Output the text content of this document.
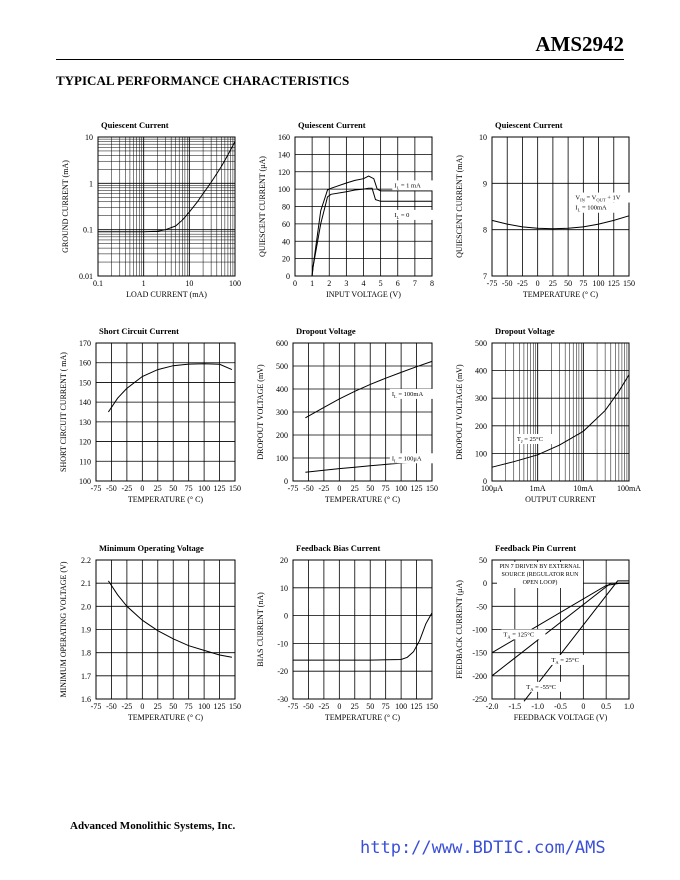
AMS2942
TYPICAL PERFORMANCE CHARACTERISTICS
Quiescent Current
0.1	1	10	100
0.01
0.1
1
10
LOAD CURRENT (mA)
GROUND CURRENT (mA)
Quiescent Current
0 1 2 3 4 5 6 7 8
0
20
40
60
80
100
120
140
160
INPUT VOLTAGE (V)
QUIESCENT CURRENT (μA)	$I_L = 1$ mA
$I_L = 0$
Quiescent Current
-75 -50 -25 0 25 50 75 100 125 150
7
8
9
10
TEMPERATURE (° C)
QUIESCENT CURRENT (mA)	$V_{IN} = V_{OUT} + 1V$
$I_L = 100mA$
Short Circuit Current
-75 -50 -25 0 25 50 75 100 125 150
100
110
120
130
140
150
160
170
TEMPERATURE (° C)
SHORT CIRCUIT CURRENT ( mA)
Dropout Voltage
-75 -50 -25 0 25 50 75 100 125 150
0
100
200
300
400
500
600
TEMPERATURE (° C)
DROPOUT VOLTAGE (mV)	$I_L = 100mA$
$I_L = 100\mu A$
Dropout Voltage
100μA	1mA	10mA	100mA
0
100
200
300
400
500
OUTPUT CURRENT
DROPOUT VOLTAGE (mV)	$T_J = 25^\circ C$
Minimum Operating Voltage
-75 -50 -25 0 25 50 75 100 125 150
1.6
1.7
1.8
1.9
2.0
2.1
2.2
TEMPERATURE (° C)
MINIMUM OPERATING VOLTAGE (V)
Feedback Bias Current
-75 -50 -25 0 25 50 75 100 125 150
-30
-20
-10
0
10
20
TEMPERATURE (° C)
BIAS CURRENT (nA)
Feedback Pin Current
-2.0 -1.5 -1.0 -0.5 0 0.5 1.0
-250
-200
-150
-100
-50
0
50
FEEDBACK VOLTAGE (V)
FEEDBACK CURRENT (μA)	$T_A = 125^\circ C$
$T_A = 25^\circ C$
$T_A = -55^\circ C$
PIN 7 DRIVEN BY EXTERNAL
SOURCE (REGULATOR RUN
OPEN LOOP)
Advanced Monolithic Systems, Inc.
http://www.BDTIC.com/AMS
